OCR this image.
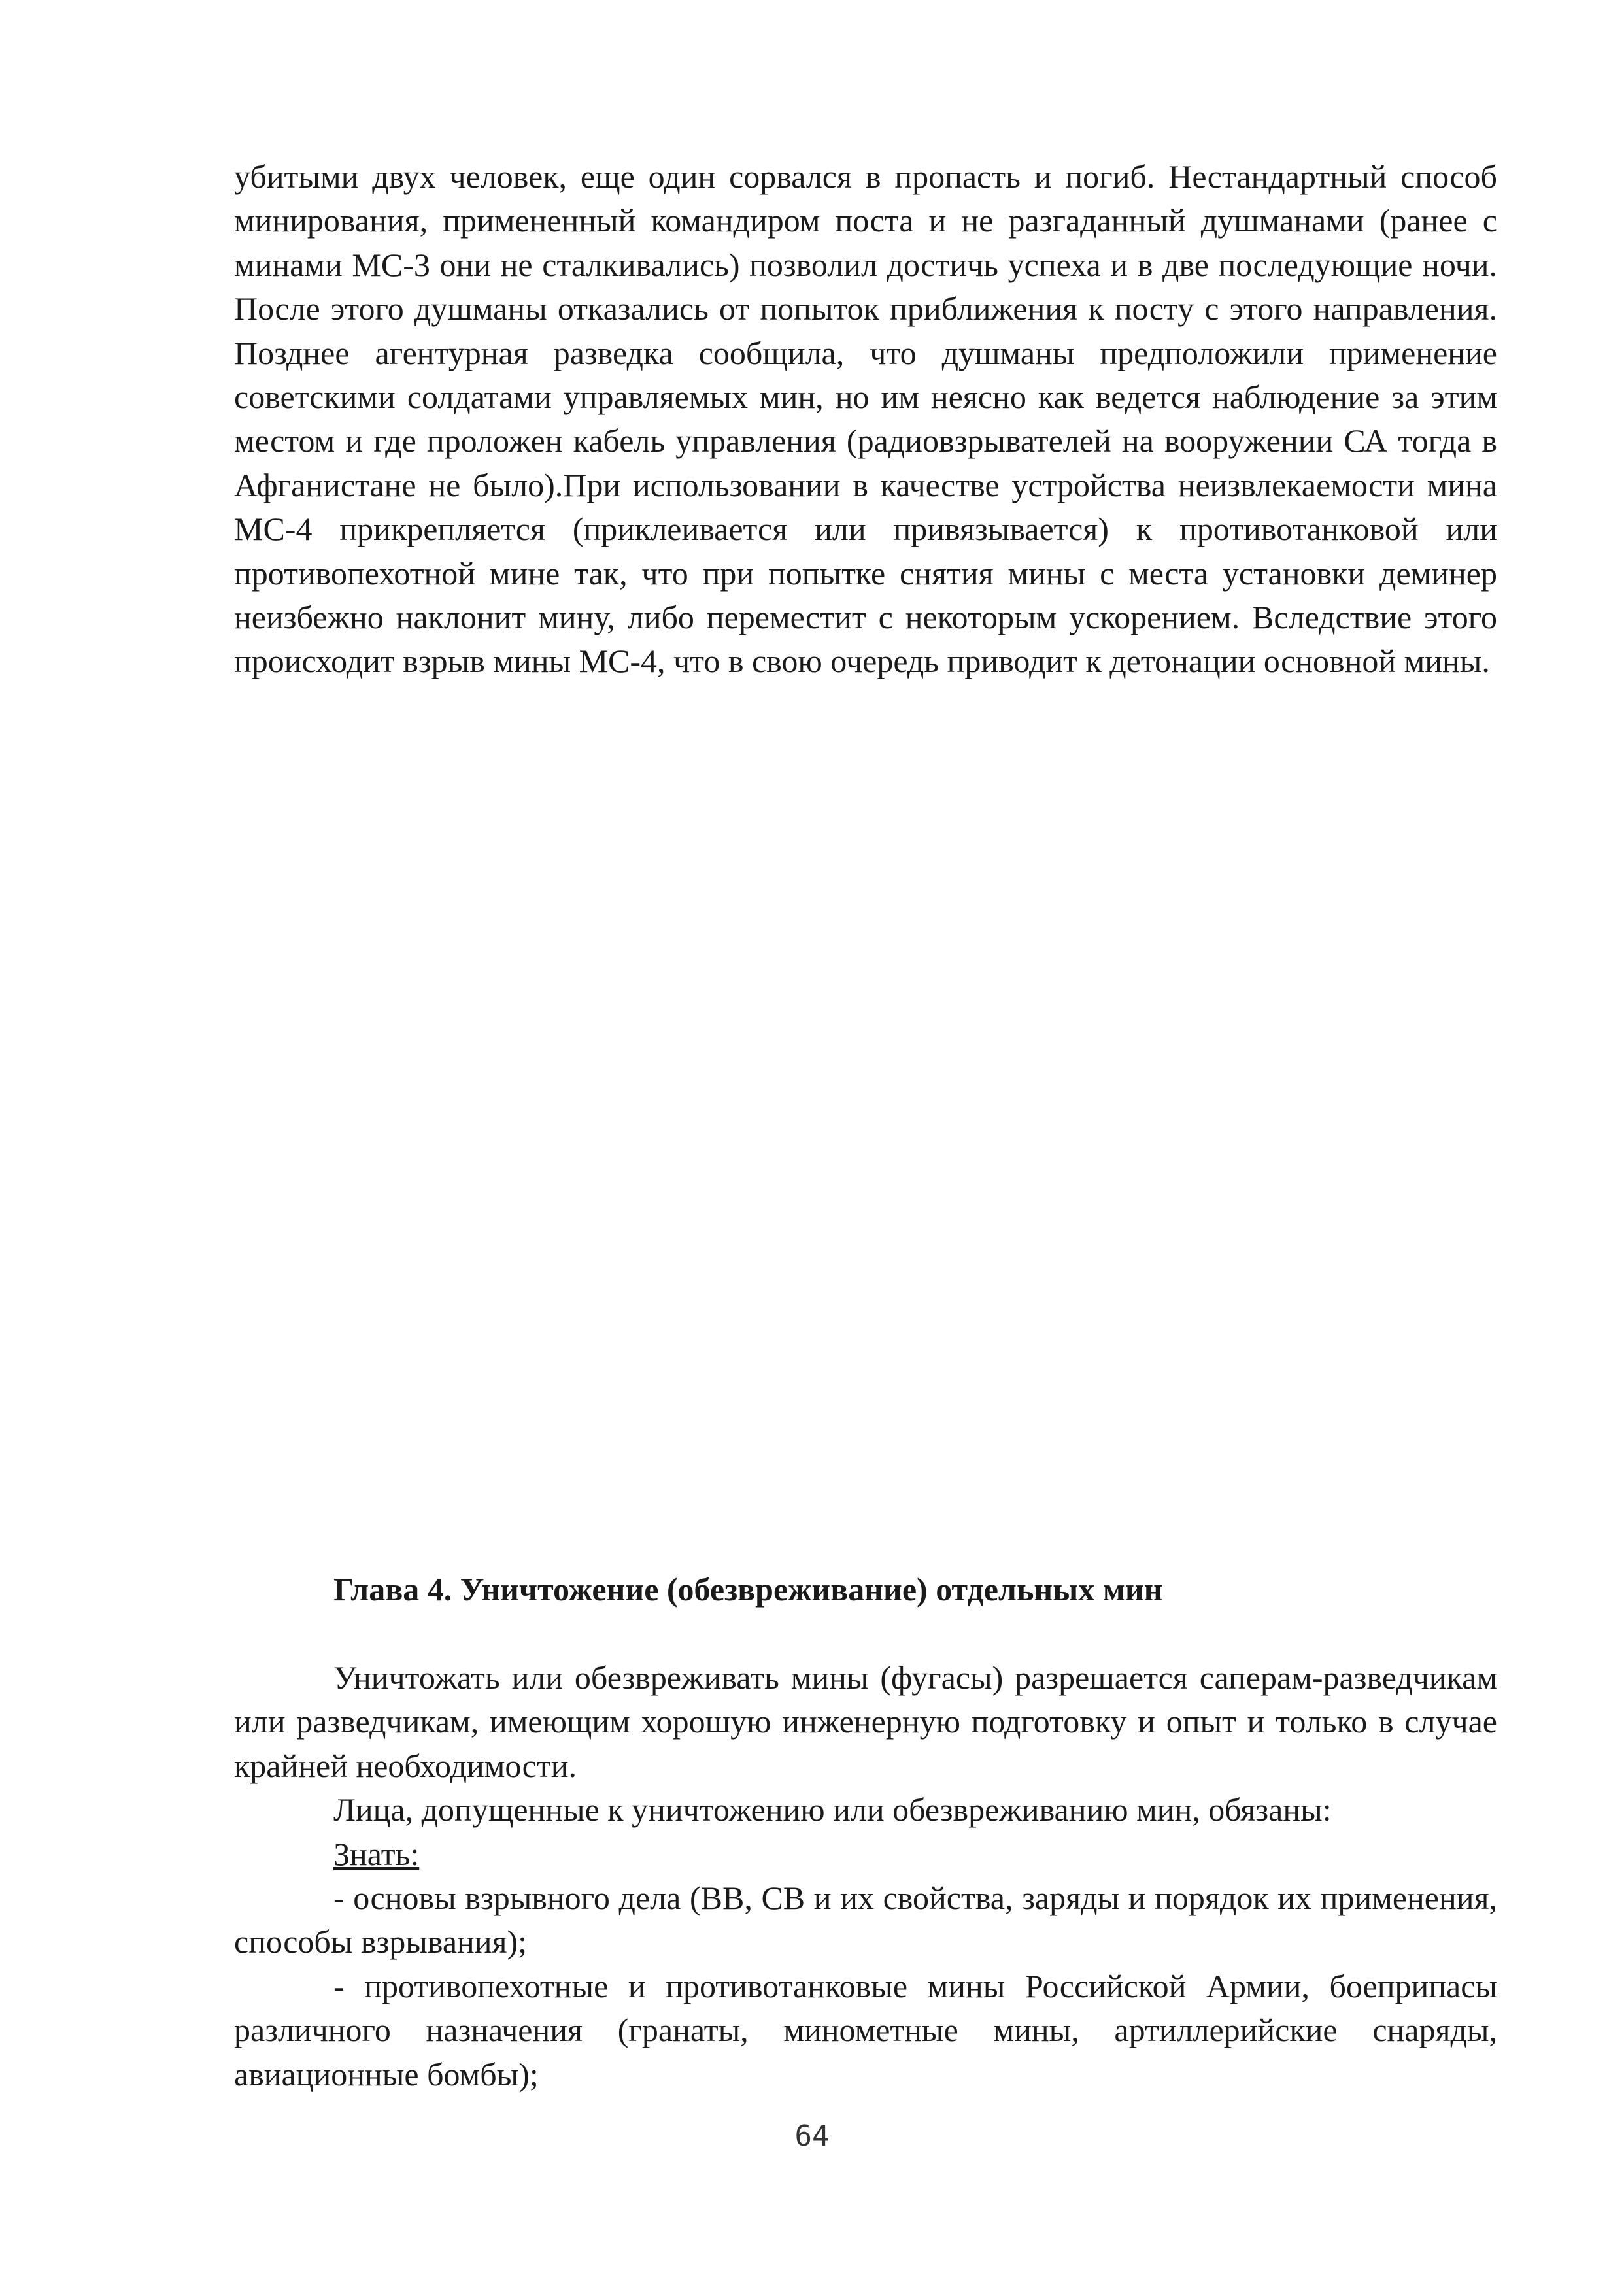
убитыми двух человек, еще один сорвался в пропасть и погиб. Нестандартный способ минирования, примененный командиром поста и не разгаданный душманами (ранее с минами МС-3 они не сталкивались) позволил достичь успеха и в две последующие ночи. После этого душманы отказались от попыток приближения к посту с этого направления. Позднее агентурная разведка сообщила, что душманы предположили применение советскими солдатами управляемых мин, но им неясно как ведется наблюдение за этим местом и где проложен кабель управления (радиовзрывателей на вооружении СА тогда в Афганистане не было).При использовании в качестве устройства неизвлекаемости мина МС-4 прикрепляется (приклеивается или привязывается) к противотанковой или противопехотной мине так, что при попытке снятия мины с места установки деминер неизбежно наклонит мину, либо переместит с некоторым ускорением. Вследствие этого происходит взрыв мины МС-4, что в свою очередь приводит к детонации основной мины.

Глава 4. Уничтожение (обезвреживание) отдельных мин

Уничтожать или обезвреживать мины (фугасы) разрешается саперам-разведчикам или разведчикам, имеющим хорошую инженерную подготовку и опыт и только в случае крайней необходимости.

Лица, допущенные к уничтожению или обезвреживанию мин, обязаны:

Знать:

- основы взрывного дела (ВВ, СВ и их свойства, заряды и порядок их применения, способы взрывания);

- противопехотные и противотанковые мины Российской Армии, боеприпасы различного назначения (гранаты, минометные мины, артиллерийские снаряды, авиационные бомбы);

64
